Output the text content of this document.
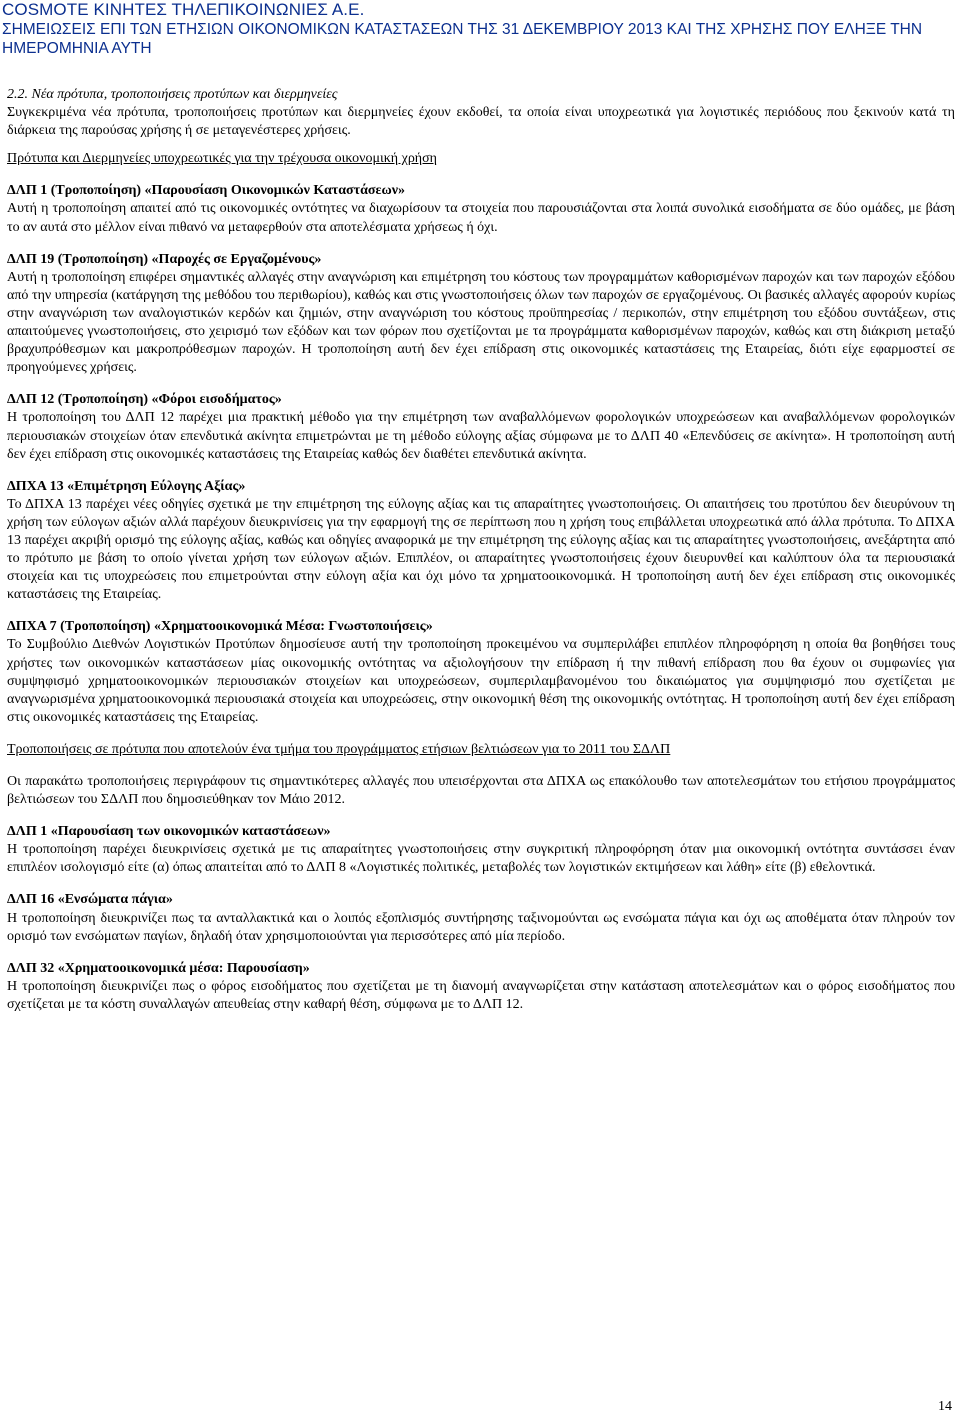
COSMOTE ΚΙΝΗΤΕΣ ΤΗΛΕΠΙΚΟΙΝΩΝΙΕΣ Α.Ε.
ΣΗΜΕΙΩΣΕΙΣ ΕΠΙ ΤΩΝ ΕΤΗΣΙΩΝ ΟΙΚΟΝΟΜΙΚΩΝ ΚΑΤΑΣΤΑΣΕΩΝ ΤΗΣ 31 ΔΕΚΕΜΒΡΙΟΥ 2013 ΚΑΙ ΤΗΣ ΧΡΗΣΗΣ ΠΟΥ ΕΛΗΞΕ ΤΗΝ ΗΜΕΡΟΜΗΝΙΑ ΑΥΤΗ

2.2. Νέα πρότυπα, τροποποιήσεις προτύπων και διερμηνείες

Συγκεκριμένα νέα πρότυπα, τροποποιήσεις προτύπων και διερμηνείες έχουν εκδοθεί, τα οποία είναι υποχρεωτικά για λογιστικές περιόδους που ξεκινούν κατά τη διάρκεια της παρούσας χρήσης ή σε μεταγενέστερες χρήσεις.

Πρότυπα και Διερμηνείες υποχρεωτικές για την τρέχουσα οικονομική χρήση

ΔΛΠ 1 (Τροποποίηση) «Παρουσίαση Οικονομικών Καταστάσεων»

Αυτή η τροποποίηση απαιτεί από τις οικονομικές οντότητες να διαχωρίσουν τα στοιχεία που παρουσιάζονται στα λοιπά συνολικά εισοδήματα σε δύο ομάδες, με βάση το αν αυτά στο μέλλον είναι πιθανό να μεταφερθούν στα αποτελέσματα χρήσεως ή όχι.

ΔΛΠ 19 (Τροποποίηση) «Παροχές σε Εργαζομένους»

Αυτή η τροποποίηση επιφέρει σημαντικές αλλαγές στην αναγνώριση και επιμέτρηση του κόστους των προγραμμάτων καθορισμένων παροχών και των παροχών εξόδου από την υπηρεσία (κατάργηση της μεθόδου του περιθωρίου), καθώς και στις γνωστοποιήσεις όλων των παροχών σε εργαζομένους. Οι βασικές αλλαγές αφορούν κυρίως στην αναγνώριση των αναλογιστικών κερδών και ζημιών, στην αναγνώριση του κόστους προϋπηρεσίας / περικοπών, στην επιμέτρηση του εξόδου συντάξεων, στις απαιτούμενες γνωστοποιήσεις, στο χειρισμό των εξόδων και των φόρων που σχετίζονται με τα προγράμματα καθορισμένων παροχών, καθώς και στη διάκριση μεταξύ βραχυπρόθεσμων και μακροπρόθεσμων παροχών. Η τροποποίηση αυτή δεν έχει επίδραση στις οικονομικές καταστάσεις της Εταιρείας, διότι είχε εφαρμοστεί σε προηγούμενες χρήσεις.

ΔΛΠ 12 (Τροποποίηση) «Φόροι εισοδήματος»

Η τροποποίηση του ΔΛΠ 12 παρέχει μια πρακτική μέθοδο για την επιμέτρηση των αναβαλλόμενων φορολογικών υποχρεώσεων και αναβαλλόμενων φορολογικών περιουσιακών στοιχείων όταν επενδυτικά ακίνητα επιμετρώνται με τη μέθοδο εύλογης αξίας σύμφωνα με το ΔΛΠ 40 «Επενδύσεις σε ακίνητα». Η τροποποίηση αυτή δεν έχει επίδραση στις οικονομικές καταστάσεις της Εταιρείας καθώς δεν διαθέτει επενδυτικά ακίνητα.

ΔΠΧΑ 13 «Επιμέτρηση Εύλογης Αξίας»

Το ΔΠΧΑ 13 παρέχει νέες οδηγίες σχετικά με την επιμέτρηση της εύλογης αξίας και τις απαραίτητες γνωστοποιήσεις. Οι απαιτήσεις του προτύπου δεν διευρύνουν τη χρήση των εύλογων αξιών αλλά παρέχουν διευκρινίσεις για την εφαρμογή της σε περίπτωση που η χρήση τους επιβάλλεται υποχρεωτικά από άλλα πρότυπα. Το ΔΠΧΑ 13 παρέχει ακριβή ορισμό της εύλογης αξίας, καθώς και οδηγίες αναφορικά με την επιμέτρηση της εύλογης αξίας και τις απαραίτητες γνωστοποιήσεις, ανεξάρτητα από το πρότυπο με βάση το οποίο γίνεται χρήση των εύλογων αξιών. Επιπλέον, οι απαραίτητες γνωστοποιήσεις έχουν διευρυνθεί και καλύπτουν όλα τα περιουσιακά στοιχεία και τις υποχρεώσεις που επιμετρούνται στην εύλογη αξία και όχι μόνο τα χρηματοοικονομικά. Η τροποποίηση αυτή δεν έχει επίδραση στις οικονομικές καταστάσεις της Εταιρείας.

ΔΠΧΑ 7 (Τροποποίηση) «Χρηματοοικονομικά Μέσα: Γνωστοποιήσεις»

Το Συμβούλιο Διεθνών Λογιστικών Προτύπων δημοσίευσε αυτή την τροποποίηση προκειμένου να συμπεριλάβει επιπλέον πληροφόρηση η οποία θα βοηθήσει τους χρήστες των οικονομικών καταστάσεων μίας οικονομικής οντότητας να αξιολογήσουν την επίδραση ή την πιθανή επίδραση που θα έχουν οι συμφωνίες για συμψηφισμό χρηματοοικονομικών περιουσιακών στοιχείων και υποχρεώσεων, συμπεριλαμβανομένου του δικαιώματος για συμψηφισμό που σχετίζεται με αναγνωρισμένα χρηματοοικονομικά περιουσιακά στοιχεία και υποχρεώσεις, στην οικονομική θέση της οικονομικής οντότητας. Η τροποποίηση αυτή δεν έχει επίδραση στις οικονομικές καταστάσεις της Εταιρείας.

Τροποποιήσεις σε πρότυπα που αποτελούν ένα τμήμα του προγράμματος ετήσιων βελτιώσεων για το 2011 του ΣΔΛΠ

Οι παρακάτω τροποποιήσεις περιγράφουν τις σημαντικότερες αλλαγές που υπεισέρχονται στα ΔΠΧΑ ως επακόλουθο των αποτελεσμάτων του ετήσιου προγράμματος βελτιώσεων του ΣΔΛΠ που δημοσιεύθηκαν τον Μάιο 2012.

ΔΛΠ 1 «Παρουσίαση των οικονομικών καταστάσεων»

Η τροποποίηση παρέχει διευκρινίσεις σχετικά με τις απαραίτητες γνωστοποιήσεις στην συγκριτική πληροφόρηση όταν μια οικονομική οντότητα συντάσσει έναν επιπλέον ισολογισμό είτε (α) όπως απαιτείται από το ΔΛΠ 8 «Λογιστικές πολιτικές, μεταβολές των λογιστικών εκτιμήσεων και λάθη» είτε (β) εθελοντικά.

ΔΛΠ 16 «Ενσώματα πάγια»

Η τροποποίηση διευκρινίζει πως τα ανταλλακτικά και ο λοιπός εξοπλισμός συντήρησης ταξινομούνται ως ενσώματα πάγια και όχι ως αποθέματα όταν πληρούν τον ορισμό των ενσώματων παγίων, δηλαδή όταν χρησιμοποιούνται για περισσότερες από μία περίοδο.

ΔΛΠ 32 «Χρηματοοικονομικά μέσα: Παρουσίαση»

Η τροποποίηση διευκρινίζει πως ο φόρος εισοδήματος που σχετίζεται με τη διανομή αναγνωρίζεται στην κατάσταση αποτελεσμάτων και ο φόρος εισοδήματος που σχετίζεται με τα κόστη συναλλαγών απευθείας στην καθαρή θέση, σύμφωνα με το ΔΛΠ 12.

14
